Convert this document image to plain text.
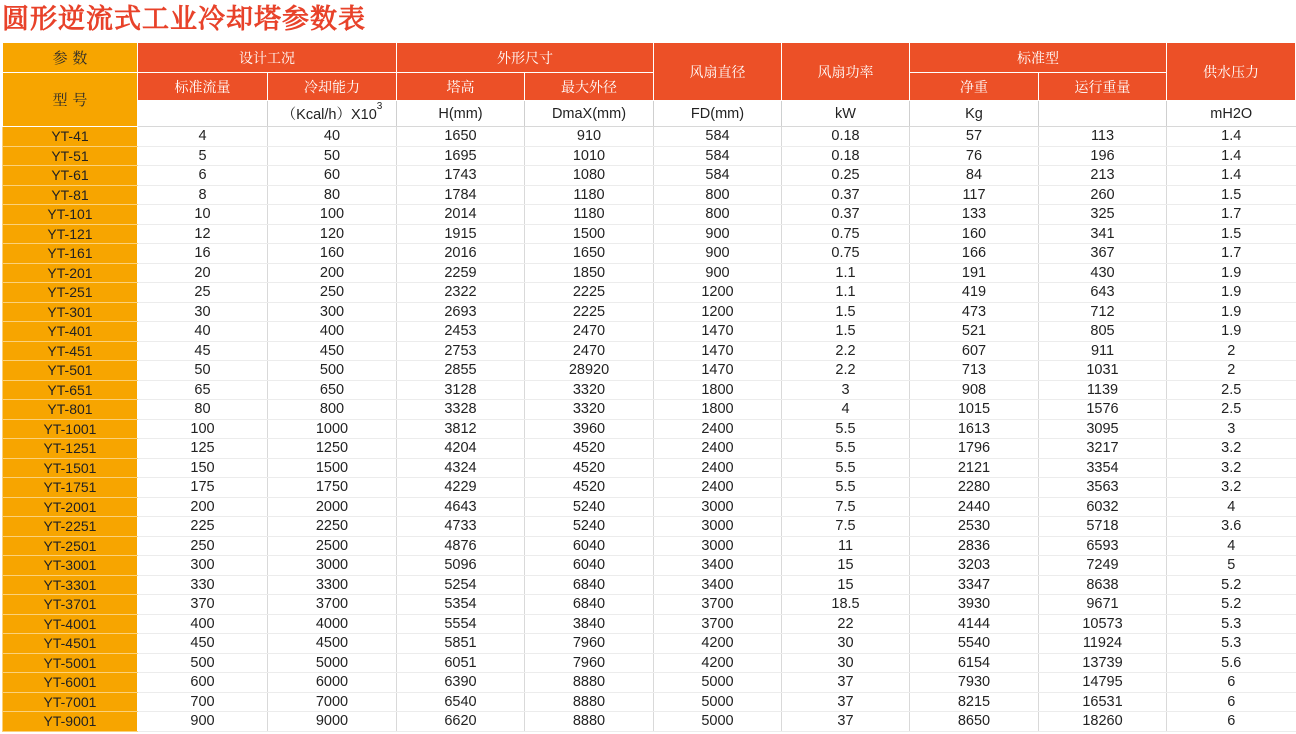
圆形逆流式工业冷却塔参数表
参 数	设计工况		外形尺寸		风扇直径	风扇功率	标准型		供水压力
型 号	标准流量	冷却能力	塔高	最大外径			净重	运行重量	
		$(Kcal/h)X10^3$	H(mm)	DmaX(mm)	FD(mm)	kW	Kg		mH2O
YT-41	4	40	1650	910	584	0.18	57	113	1.4
YT-51	5	50	1695	1010	584	0.18	76	196	1.4
YT-61	6	60	1743	1080	584	0.25	84	213	1.4
YT-81	8	80	1784	1180	800	0.37	117	260	1.5
YT-101	10	100	2014	1180	800	0.37	133	325	1.7
YT-121	12	120	1915	1500	900	0.75	160	341	1.5
YT-161	16	160	2016	1650	900	0.75	166	367	1.7
YT-201	20	200	2259	1850	900	1.1	191	430	1.9
YT-251	25	250	2322	2225	1200	1.1	419	643	1.9
YT-301	30	300	2693	2225	1200	1.5	473	712	1.9
YT-401	40	400	2453	2470	1470	1.5	521	805	1.9
YT-451	45	450	2753	2470	1470	2.2	607	911	2
YT-501	50	500	2855	28920	1470	2.2	713	1031	2
YT-651	65	650	3128	3320	1800	3	908	1139	2.5
YT-801	80	800	3328	3320	1800	4	1015	1576	2.5
YT-1001	100	1000	3812	3960	2400	5.5	1613	3095	3
YT-1251	125	1250	4204	4520	2400	5.5	1796	3217	3.2
YT-1501	150	1500	4324	4520	2400	5.5	2121	3354	3.2
YT-1751	175	1750	4229	4520	2400	5.5	2280	3563	3.2
YT-2001	200	2000	4643	5240	3000	7.5	2440	6032	4
YT-2251	225	2250	4733	5240	3000	7.5	2530	5718	3.6
YT-2501	250	2500	4876	6040	3000	11	2836	6593	4
YT-3001	300	3000	5096	6040	3400	15	3203	7249	5
YT-3301	330	3300	5254	6840	3400	15	3347	8638	5.2
YT-3701	370	3700	5354	6840	3700	18.5	3930	9671	5.2
YT-4001	400	4000	5554	3840	3700	22	4144	10573	5.3
YT-4501	450	4500	5851	7960	4200	30	5540	11924	5.3
YT-5001	500	5000	6051	7960	4200	30	6154	13739	5.6
YT-6001	600	6000	6390	8880	5000	37	7930	14795	6
YT-7001	700	7000	6540	8880	5000	37	8215	16531	6
YT-9001	900	9000	6620	8880	5000	37	8650	18260	6
